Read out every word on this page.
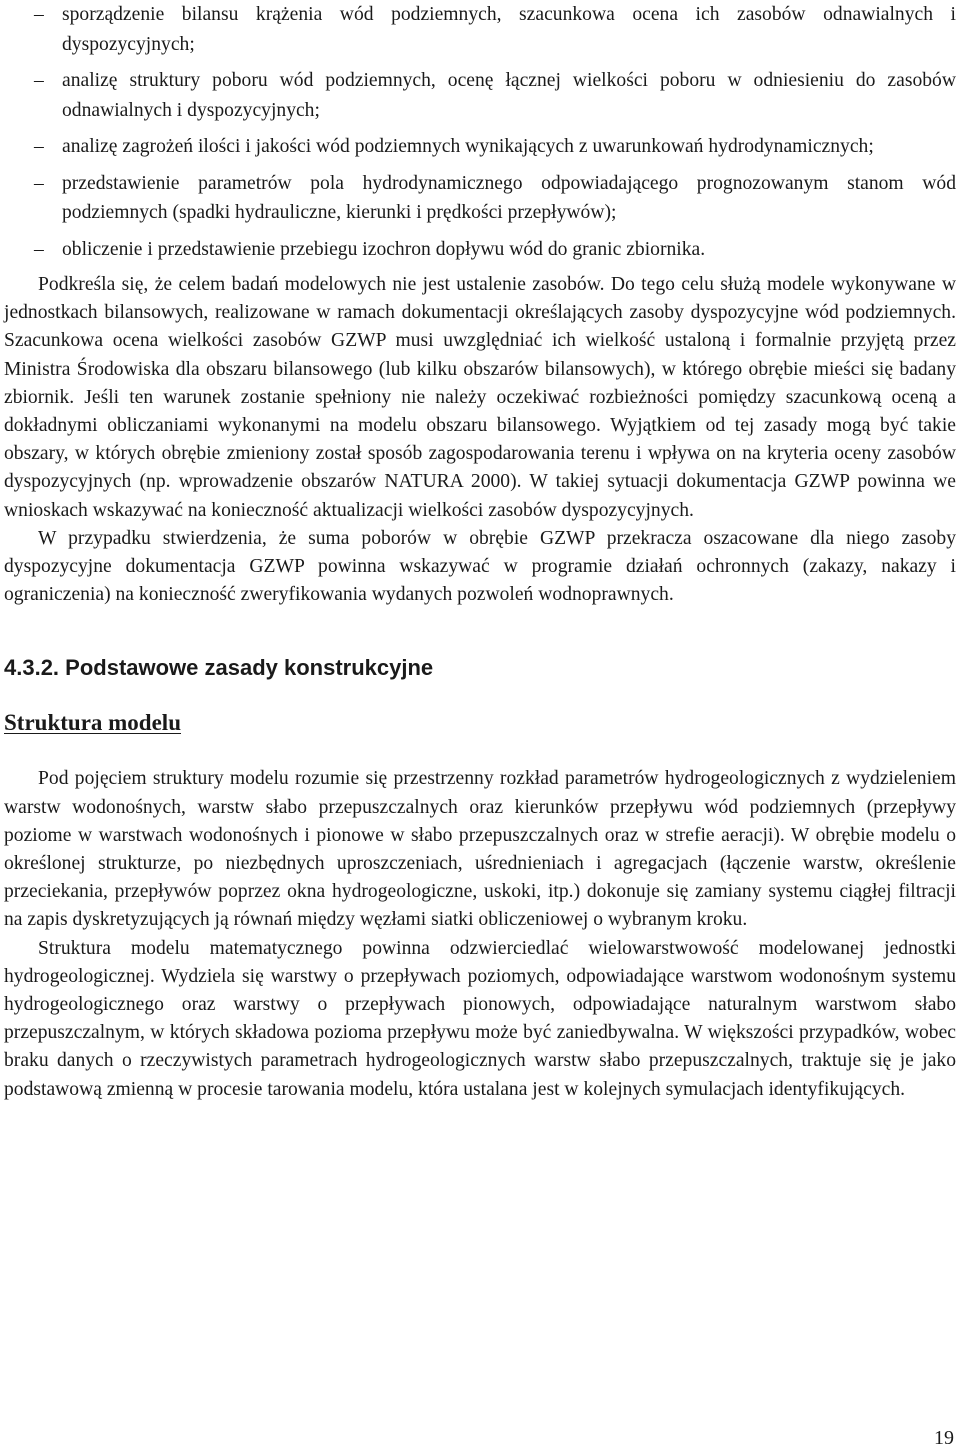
– sporządzenie bilansu krążenia wód podziemnych, szacunkowa ocena ich zasobów odnawialnych i dyspozycyjnych;
– analizę struktury poboru wód podziemnych, ocenę łącznej wielkości poboru w odniesieniu do zasobów odnawialnych i dyspozycyjnych;
– analizę zagrożeń ilości i jakości wód podziemnych wynikających z uwarunkowań hydrodynamicznych;
– przedstawienie parametrów pola hydrodynamicznego odpowiadającego prognozowanym stanom wód podziemnych (spadki hydrauliczne, kierunki i prędkości przepływów);
– obliczenie i przedstawienie przebiegu izochron dopływu wód do granic zbiornika.

Podkreśla się, że celem badań modelowych nie jest ustalenie zasobów. Do tego celu służą modele wykonywane w jednostkach bilansowych, realizowane w ramach dokumentacji określających zasoby dyspozycyjne wód podziemnych. Szacunkowa ocena wielkości zasobów GZWP musi uwzględniać ich wielkość ustaloną i formalnie przyjętą przez Ministra Środowiska dla obszaru bilansowego (lub kilku obszarów bilansowych), w którego obrębie mieści się badany zbiornik. Jeśli ten warunek zostanie spełniony nie należy oczekiwać rozbieżności pomiędzy szacunkową oceną a dokładnymi obliczaniami wykonanymi na modelu obszaru bilansowego. Wyjątkiem od tej zasady mogą być takie obszary, w których obrębie zmieniony został sposób zagospodarowania terenu i wpływa on na kryteria oceny zasobów dyspozycyjnych (np. wprowadzenie obszarów NATURA 2000). W takiej sytuacji dokumentacja GZWP powinna we wnioskach wskazywać na konieczność aktualizacji wielkości zasobów dyspozycyjnych.

W przypadku stwierdzenia, że suma poborów w obrębie GZWP przekracza oszacowane dla niego zasoby dyspozycyjne dokumentacja GZWP powinna wskazywać w programie działań ochronnych (zakazy, nakazy i ograniczenia) na konieczność zweryfikowania wydanych pozwoleń wodnoprawnych.

4.3.2. Podstawowe zasady konstrukcyjne
Struktura modelu

Pod pojęciem struktury modelu rozumie się przestrzenny rozkład parametrów hydrogeologicznych z wydzieleniem warstw wodonośnych, warstw słabo przepuszczalnych oraz kierunków przepływu wód podziemnych (przepływy poziome w warstwach wodonośnych i pionowe w słabo przepuszczalnych oraz w strefie aeracji). W obrębie modelu o określonej strukturze, po niezbędnych uproszczeniach, uśrednieniach i agregacjach (łączenie warstw, określenie przeciekania, przepływów poprzez okna hydrogeologiczne, uskoki, itp.) dokonuje się zamiany systemu ciągłej filtracji na zapis dyskretyzujących ją równań między węzłami siatki obliczeniowej o wybranym kroku.

Struktura modelu matematycznego powinna odzwierciedlać wielowarstwowość modelowanej jednostki hydrogeologicznej. Wydziela się warstwy o przepływach poziomych, odpowiadające warstwom wodonośnym systemu hydrogeologicznego oraz warstwy o przepływach pionowych, odpowiadające naturalnym warstwom słabo przepuszczalnym, w których składowa pozioma przepływu może być zaniedbywalna. W większości przypadków, wobec braku danych o rzeczywistych parametrach hydrogeologicznych warstw słabo przepuszczalnych, traktuje się je jako podstawową zmienną w procesie tarowania modelu, która ustalana jest w kolejnych symulacjach identyfikujących.

19
